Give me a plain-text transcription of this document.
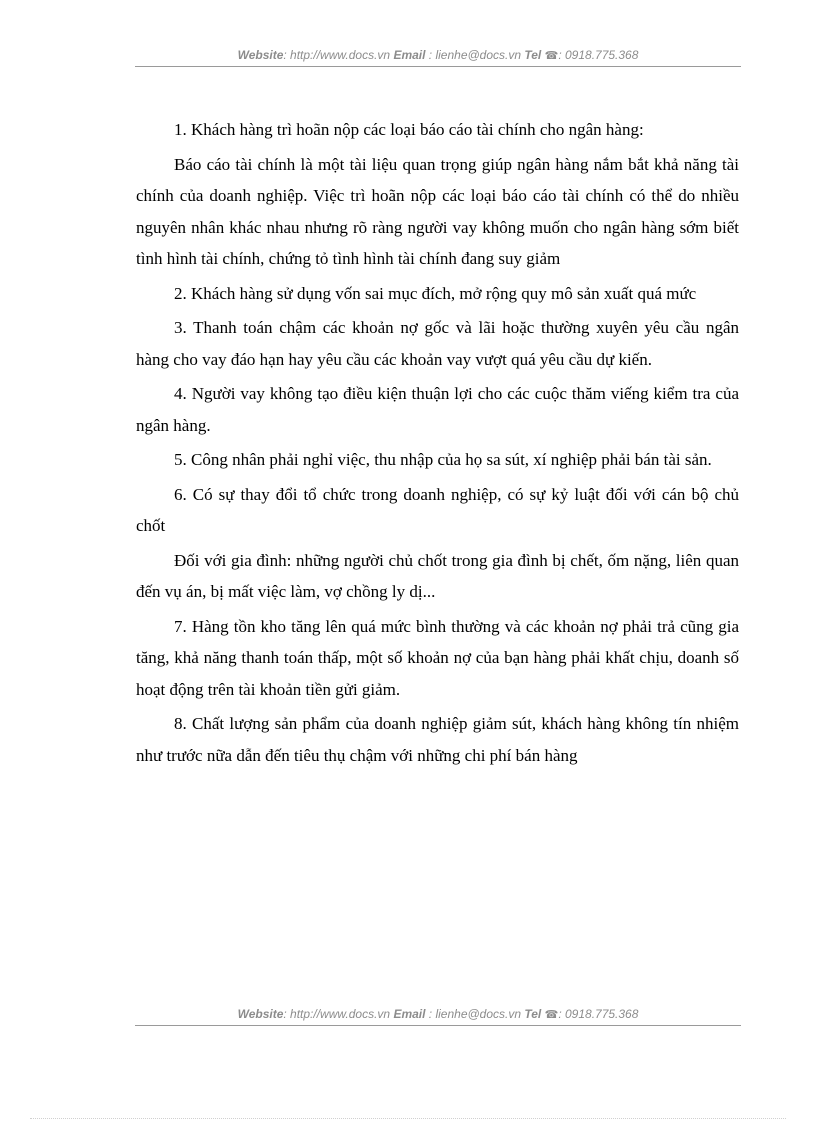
Website: http://www.docs.vn Email : lienhe@docs.vn Tel ☎: 0918.775.368

1. Khách hàng trì hoãn nộp các loại báo cáo tài chính cho ngân hàng:

Báo cáo tài chính là một tài liệu quan trọng giúp ngân hàng nắm bắt khả năng tài chính của doanh nghiệp. Việc trì hoãn nộp các loại báo cáo tài chính có thể do nhiều nguyên nhân khác nhau nhưng rõ ràng người vay không muốn cho ngân hàng sớm biết tình hình tài chính, chứng tỏ tình hình tài chính đang suy giảm

2. Khách hàng sử dụng vốn sai mục đích, mở rộng quy mô sản xuất quá mức

3. Thanh toán chậm các khoản nợ gốc và lãi hoặc thường xuyên yêu cầu ngân hàng cho vay đáo hạn hay yêu cầu các khoản vay vượt quá yêu cầu dự kiến.

4. Người vay không tạo điều kiện thuận lợi cho các cuộc thăm viếng kiểm tra của ngân hàng.

5. Công nhân phải nghỉ việc, thu nhập của họ sa sút, xí nghiệp phải bán tài sản.

6. Có sự thay đổi tổ chức trong doanh nghiệp, có sự kỷ luật đối với cán bộ chủ chốt

Đối với gia đình: những người chủ chốt trong gia đình bị chết, ốm nặng, liên quan đến vụ án, bị mất việc làm, vợ chồng ly dị...

7. Hàng tồn kho tăng lên quá mức bình thường và các khoản nợ phải trả cũng gia tăng, khả năng thanh toán thấp, một số khoản nợ của bạn hàng phải khất chịu, doanh số hoạt động trên tài khoản tiền gửi giảm.

8. Chất lượng sản phẩm của doanh nghiệp giảm sút, khách hàng không tín nhiệm như trước nữa dẫn đến tiêu thụ chậm với những chi phí bán hàng

Website: http://www.docs.vn Email : lienhe@docs.vn Tel ☎: 0918.775.368
